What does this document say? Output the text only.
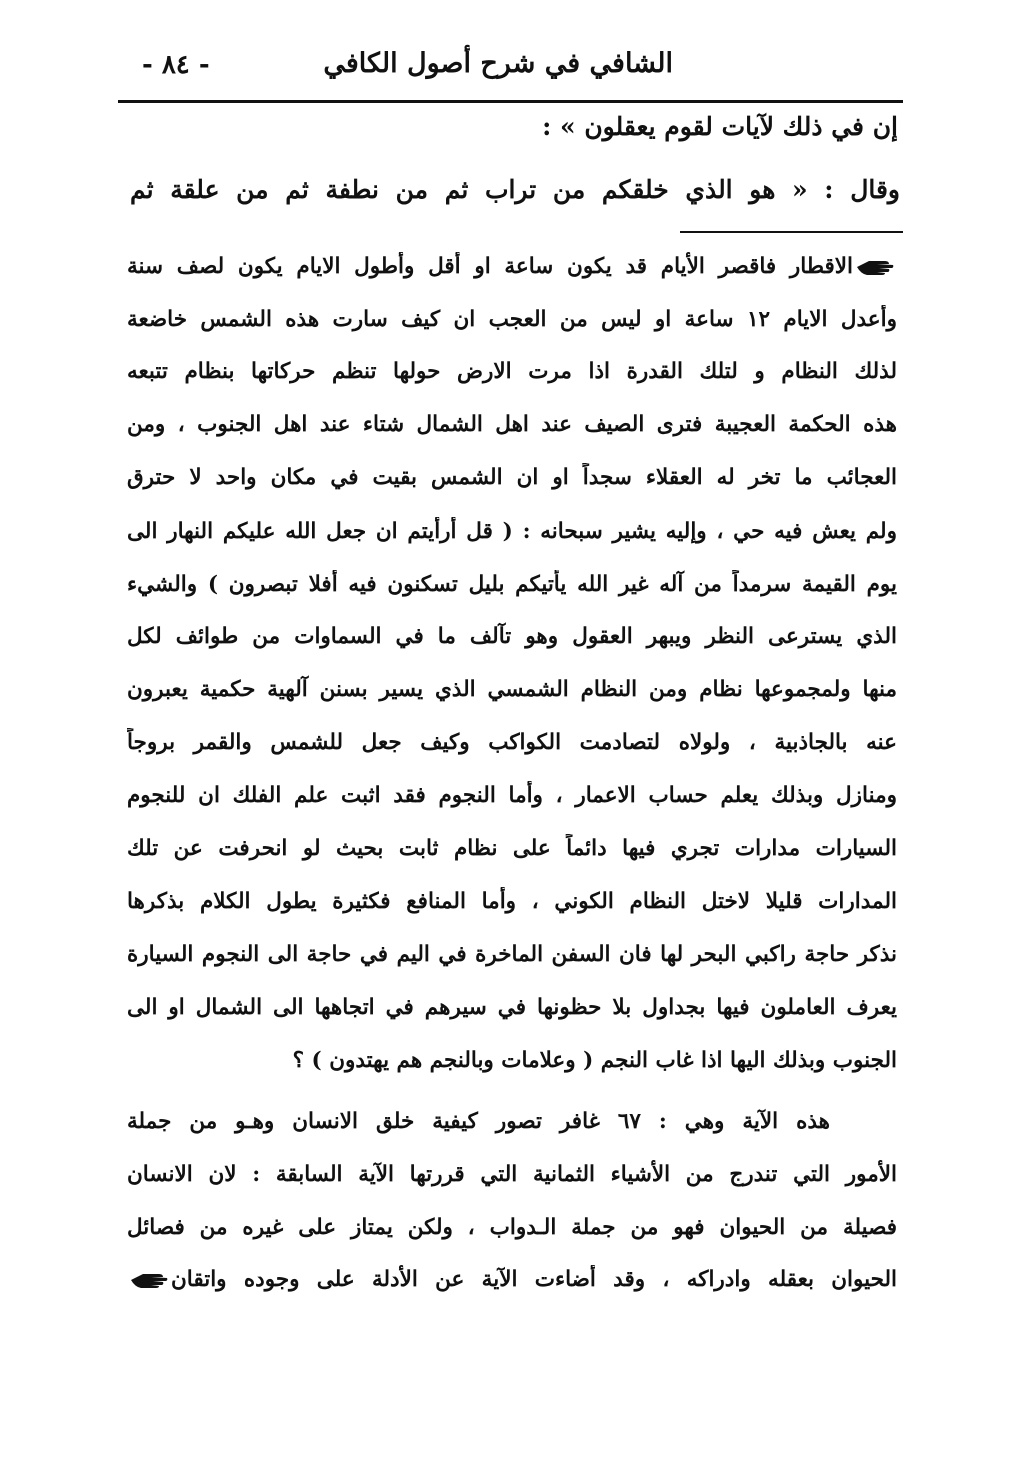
الشافي في شرح أصول الكافي
- ٨٤ -
إن في ذلك لآيات لقوم يعقلون » :
وقال : « هو الذي خلقكم من تراب ثم من نطفة ثم من علقة ثم
الاقطار فاقصر الأيام قد يكون ساعة او أقل وأطول الايام يكون لصف سنة
وأعدل الايام ١٢ ساعة او ليس من العجب ان كيف سارت هذه الشمس خاضعة
لذلك النظام و لتلك القدرة اذا مرت الارض حولها تنظم حركاتها بنظام تتبعه
هذه الحكمة العجيبة فترى الصيف عند اهل الشمال شتاء عند اهل الجنوب ، ومن
العجائب ما تخر له العقلاء سجداً او ان الشمس بقيت في مكان واحد لا حترق
ولم يعش فيه حي ، وإليه يشير سبحانه : ( قل أرأيتم ان جعل الله عليكم النهار الى
يوم القيمة سرمداً من آله غير الله يأتيكم بليل تسكنون فيه أفلا تبصرون ) والشيء
الذي يسترعى النظر ويبهر العقول وهو تآلف ما في السماوات من طوائف لكل
منها ولمجموعها نظام ومن النظام الشمسي الذي يسير بسنن آلهية حكمية يعبرون
عنه بالجاذبية ، ولولاه لتصادمت الكواكب وكيف جعل للشمس والقمر بروجاً
ومنازل وبذلك يعلم حساب الاعمار ، وأما النجوم فقد اثبت علم الفلك ان للنجوم
السيارات مدارات تجري فيها دائماً على نظام ثابت بحيث لو انحرفت عن تلك
المدارات قليلا لاختل النظام الكوني ، وأما المنافع فكثيرة يطول الكلام بذكرها
نذكر حاجة راكبي البحر لها فان السفن الماخرة في اليم في حاجة الى النجوم السيارة
يعرف العاملون فيها بجداول بلا حظونها في سيرهم في اتجاهها الى الشمال او الى
الجنوب وبذلك اليها اذا غاب النجم ( وعلامات وبالنجم هم يهتدون ) ؟
هذه الآية وهي : ٦٧ غافر تصور كيفية خلق الانسان وهـو من جملة
الأمور التي تندرج من الأشياء الثمانية التي قررتها الآية السابقة : لان الانسان
فصيلة من الحيوان فهو من جملة الـدواب ، ولكن يمتاز على غيره من فصائل
الحيوان بعقله وادراكه ، وقد أضاءت الآية عن الأدلة على وجوده واتقان
